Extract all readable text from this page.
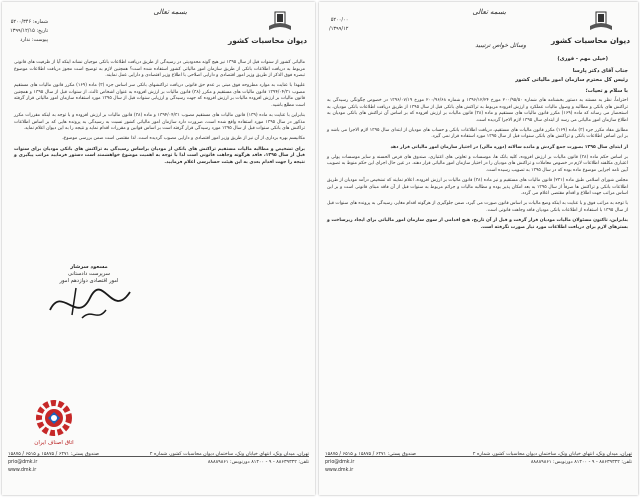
بسمه تعالی
دیوان محاسبات کشور
شماره: ۵۲۰۰/۳۴۶
تاریخ: ۱۳۹۹/۱۲/۱۵
پیوست: ندارد

مالیاتی کشور از سنوات قبل از سال ۱۳۹۵ نیز هیچ گونه محدودیتی در رسیدگی از طریق دریافت اطلاعات بانکی موجبان نشانه اینکه آیا از ظرفیت های قانونی مربوط به دریافت اطلاعات بانکی از طریق سازمان امور مالیاتی کشور استفاده شده است؟ همچنین لازم به توضیح است مجوز دریافت اطلاعات موضوع تبصره فوق الذکر از طریق وزیر امور اقتصادی و دارایی اصلاحی با اطلاع وزیر اقتصادی و دارایی عمل نمایند.

علیهذا با عنایت به موارد مطروحه فوق مبنی بر عدم حق قانونی دریافت تراکنشهای بانکی سر اساس جزء (۳) ماده (۱۶۹) مکرر قانون مالیات های مستقیم مصوب ۱۳۹۴/۰۴/۳۱ قانون مالیات های مستقیم و مکرر (۳۸) قانون مالیات بر ارزش افزوده به عنوان اشخاص ثالث، از سنوات قبل از سال ۱۳۹۵ و همچنین قانون مالیات بر ارزش افزوده مالیات بر ارزش افزوده که جهت رسیدگی و ارزیابی سنوات قبل از سال ۱۳۹۵ مورد استفاده سازمان امور مالیاتی قرار گرفته است مطلع باشید.

بنابراین با عنایت به ماده (۱۳۹) قانون مالیات های مستقیم مصوب ۱۳۹۴/۰۴/۳۱ و ماده (۳۸) قانون مالیات بر ارزش افزوده و با توجه به اینکه مقررات مکرر مذکور در سال ۱۳۹۵ مورد استفاده واقع شده است، ضرورت دارد سازمان امور مالیاتی کشور نسبت به رسیدگی به پرونده هایی که بر اساس اطلاعات تراکنش های بانکی سنوات قبل از سال ۱۳۹۵ مورد رسیدگی قرار گرفته است بر اساس قوانین و مقررات اقدام نماید و نتیجه را به این دیوان اعلام نماید.

مکانیسم بهره برداری از آن نیز از طریق وزیر امور اقتصادی و دارایی مصوب گردیده است. لذا مقتضی است ضمن بررسی موضوع،

برای تشخیص و مطالبه مالیات مستقیم تراکنش های بانکی از مودیان براساس رسیدگی به تراکنش های بانکی مودیان برای سنوات قبل از سال ۱۳۹۵، فاقد هرگونه وجاهت قانونی است لذا با توجه به اهمیت موضوع خواهشمند است دستور فرمایید مراتب پیگیری و نتیجه را جهت اقدام بعدی به این هیئت حسابرسی اعلام فرمایید.

مسعود سرشار
سرپرست دادستانی
امور اقتصادی دوازدهم امور
تهران، میدان ونک، انتهای خیابان ونک، ساختمان دیوان محاسبات کشور، شماره ۲
صندوق پستی: ۶۴۷۱ / ۱۵۸۷۵ و ۶۵۱۵ / ۱۵۸۷۵
تلفن: ۸۸۶۳۹۳۴۲ - ۹ - ۸۱۴۰۰ دورنویس: ۸۸۸۸۹۸۶۱
prio@dmk.ir
www.dmk.ir
اتاق اصناف ایران
بسمه تعالی
دیوان محاسبات کشور
۵۲۰۰/۰۰
۱۳۹۹/۱۲/
وسائل خواص ترتیبید
(خیلی مهم - فوری)
جناب آقای دکتر پارسا
رئیس کل محترم سازمان امور مالیاتی کشور
با سلام و تحیات؛

احتراماً، نظر به مستند به دستور بخشنامه های شماره ۲۰۰/۹۵/۵۰ مورخ ۱۳۹۶/۱۲/۲۴ و شماره ۲۰۰/۹۶/۶۸ مورخ ۱۳۹۶/۰۷/۱۹ در خصوص چگونگی رسیدگی به تراکنش های بانکی و مطالبه و وصول مالیات عملکرد و ارزش افزوده مربوط به تراکنش های بانکی قبل از سال ۱۳۹۵ از طریق دریافت اطلاعات بانکی مودیان، به استحضار می رساند که ماده (۱۶۹) مکرر قانون مالیات های مستقیم و ماده (۳۸) قانون مالیات بر ارزش افزوده که بر اساس آن تراکنش های بانکی مودیان به اطلاع سازمان امور مالیاتی می رسد از ابتدای سال ۱۳۹۵ لازم الاجرا گردیده است.

مطابق مفاد مکرر جزء (۳) ماده (۱۶۹) مکرر قانون مالیات های مستقیم، دریافت اطلاعات بانکی و حساب های مودیان از ابتدای سال ۱۳۹۵ لازم الاجرا می باشد و بر این اساس اطلاعات بانکی و تراکنش های بانکی سنوات قبل از سال ۱۳۹۵ مورد استفاده قرار نمی گیرد.

از ابتدای سال ۱۳۹۵ بصورت جمع گردش و مانده سالانه (دوره مالی) در اختیار سازمان امور مالیاتی قرار دهد

بر اساس حکم ماده (۳۸) قانون مالیات بر ارزش افزوده، کلیه بانک ها، موسسات و تعاونی های اعتباری، صندوق های قرض الحسنه و سایر موسسات پولی و اعتباری مکلفند اطلاعات لازم در خصوص معاملات و تراکنش های مودیان را در اختیار سازمان امور مالیاتی قرار دهند. در عین حال اجرای این حکم منوط به تصویب آیین نامه اجرایی موضوع ماده بوده که در سال ۱۳۹۵ به تصویب رسیده است.

مجلس شورای اسلامی طبق ماده (۲۳۱) قانون مالیات های مستقیم و نیز ماده (۳۸) قانون مالیات بر ارزش افزوده، اعلام نمایند که تشخیص درآمد مودیان از طریق اطلاعات بانکی و تراکنش ها صرفاً از سال ۱۳۹۵ به بعد امکان پذیر بوده و مطالبه مالیات و جرائم مربوط به سنوات قبل از آن فاقد مبنای قانونی است و بر این اساس مراتب جهت اطلاع و اقدام مقتضی اعلام می گردد.

با توجه به مراتب فوق و با عنایت به اینکه وضع مالیات بر اساس قانون صورت می گیرد، ضمن جلوگیری از هرگونه اقدام مغایر، رسیدگی به پرونده های سنوات قبل از سال ۱۳۹۵ با استفاده از اطلاعات بانکی مودیان فاقد وجاهت قانونی است.

بنابراین، تاکنون مسئولان مالیات مودیان قرار گرفت و قبل از آن تاریخ، هیچ اقدامی از سوی سازمان امور مالیاتی برای ایجاد زیرساخت و بسترهای لازم برای دریافت اطلاعات مورد نیاز صورت نگرفته است.

تهران، میدان ونک، انتهای خیابان ونک، ساختمان دیوان محاسبات کشور، شماره ۲
صندوق پستی: ۶۴۷۱ / ۱۵۸۷۵ و ۶۵۱۵ / ۱۵۸۷۵
تلفن: ۸۸۶۳۹۳۴۲ - ۹ - ۸۱۴۰۰ دورنویس: ۸۸۸۸۹۸۶۱
prio@dmk.ir
www.dmk.ir
